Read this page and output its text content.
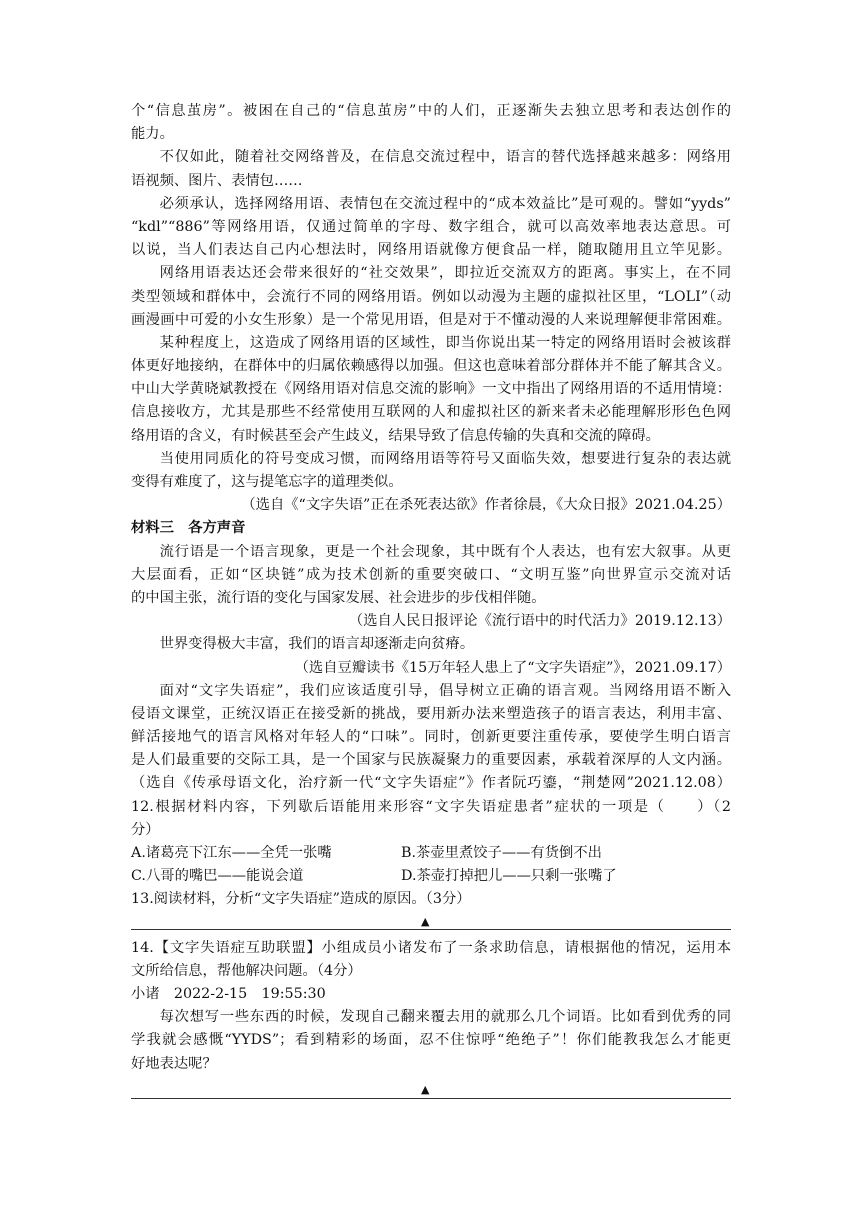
个“信息茧房”。被困在自己的“信息茧房”中的人们，正逐渐失去独立思考和表达创作的
能力。
不仅如此，随着社交网络普及，在信息交流过程中，语言的替代选择越来越多：网络用
语视频、图片、表情包……
必须承认，选择网络用语、表情包在交流过程中的“成本效益比”是可观的。譬如“yyds”
“kdl”“886”等网络用语，仅通过简单的字母、数字组合，就可以高效率地表达意思。可
以说，当人们表达自己内心想法时，网络用语就像方便食品一样，随取随用且立竿见影。
网络用语表达还会带来很好的“社交效果”，即拉近交流双方的距离。事实上，在不同
类型领域和群体中，会流行不同的网络用语。例如以动漫为主题的虚拟社区里，“LOLI”（动
画漫画中可爱的小女生形象）是一个常见用语，但是对于不懂动漫的人来说理解便非常困难。
某种程度上，这造成了网络用语的区域性，即当你说出某一特定的网络用语时会被该群
体更好地接纳，在群体中的归属依赖感得以加强。但这也意味着部分群体并不能了解其含义。
中山大学黄晓斌教授在《网络用语对信息交流的影响》一文中指出了网络用语的不适用情境：
信息接收方，尤其是那些不经常使用互联网的人和虚拟社区的新来者未必能理解形形色色网
络用语的含义，有时候甚至会产生歧义，结果导致了信息传输的失真和交流的障碍。
当使用同质化的符号变成习惯，而网络用语等符号又面临失效，想要进行复杂的表达就
变得有难度了，这与提笔忘字的道理类似。
（选自《“文字失语”正在杀死表达欲》作者徐晨，《大众日报》2021.04.25）
材料三　各方声音
流行语是一个语言现象，更是一个社会现象，其中既有个人表达，也有宏大叙事。从更
大层面看，正如“区块链”成为技术创新的重要突破口、“文明互鉴”向世界宣示交流对话
的中国主张，流行语的变化与国家发展、社会进步的步伐相伴随。
（选自人民日报评论《流行语中的时代活力》2019.12.13）
世界变得极大丰富，我们的语言却逐渐走向贫瘠。
（选自豆瓣读书《15万年轻人患上了“文字失语症”》，2021.09.17）
面对“文字失语症”，我们应该适度引导，倡导树立正确的语言观。当网络用语不断入
侵语文课堂，正统汉语正在接受新的挑战，要用新办法来塑造孩子的语言表达，利用丰富、
鲜活接地气的语言风格对年轻人的“口味”。同时，创新更要注重传承，要使学生明白语言
是人们最重要的交际工具，是一个国家与民族凝聚力的重要因素，承载着深厚的人文内涵。
（选自《传承母语文化，治疗新一代“文字失语症”》作者阮巧鎏，“荆楚网”2021.12.08）
12.根据材料内容，下列歇后语能用来形容“文字失语症患者”症状的一项是（　　）（2
分）
A.诸葛亮下江东——全凭一张嘴	B.茶壶里煮饺子——有货倒不出
C.八哥的嘴巴——能说会道	D.茶壶打掉把儿——只剩一张嘴了
13.阅读材料，分析“文字失语症”造成的原因。（3分）
▲
14.【文字失语症互助联盟】小组成员小诸发布了一条求助信息，请根据他的情况，运用本
文所给信息，帮他解决问题。（4分）
小诸　2022-2-15　19:55:30
每次想写一些东西的时候，发现自己翻来覆去用的就那么几个词语。比如看到优秀的同
学我就会感慨“YYDS”；看到精彩的场面，忍不住惊呼“绝绝子”！你们能教我怎么才能更
好地表达呢？
▲
